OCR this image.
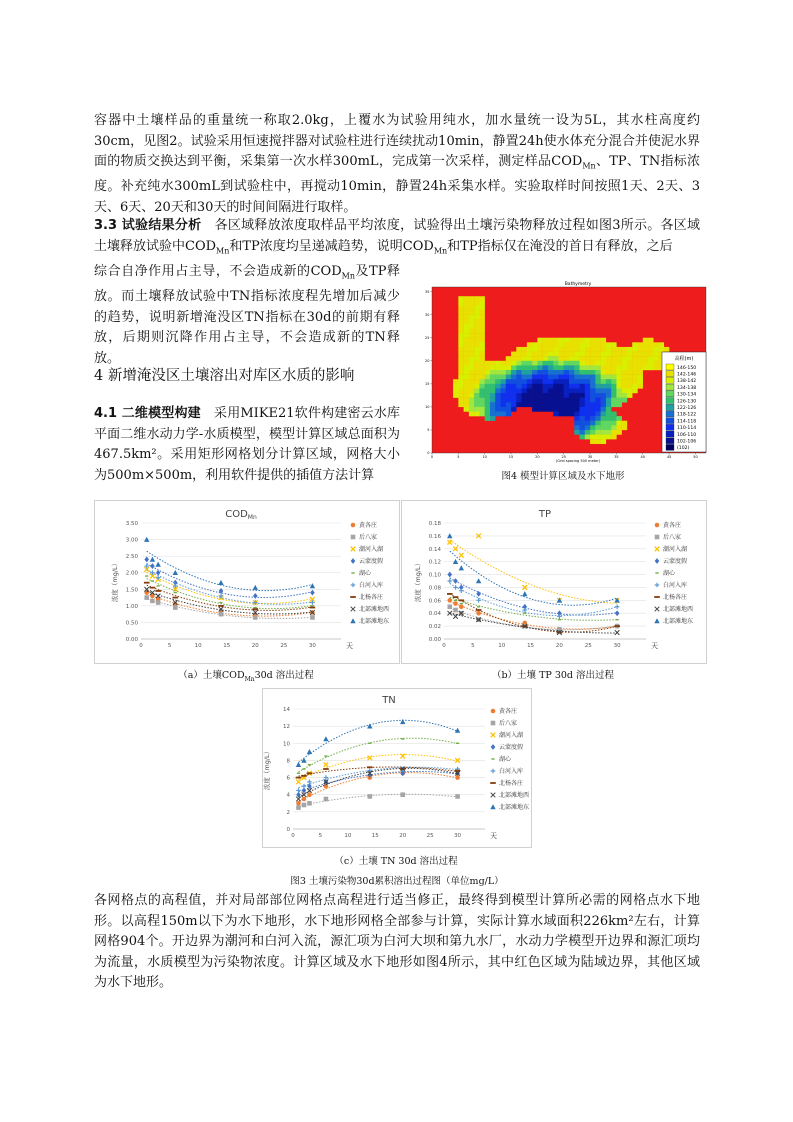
容器中土壤样品的重量统一称取2.0kg，上覆水为试验用纯水，加水量统一设为5L，其水柱高度约30cm，见图2。试验采用恒速搅拌器对试验柱进行连续扰动10min，静置24h使水体充分混合并使泥水界面的物质交换达到平衡，采集第一次水样300mL，完成第一次采样，测定样品$COD_{Mn}$、TP、TN指标浓度。补充纯水300mL到试验柱中，再搅动10min，静置24h采集水样。实验取样时间按照1天、2天、3天、6天、20天和30天的时间间隔进行取样。

3.3 试验结果分析　各区域释放浓度取样品平均浓度，试验得出土壤污染物释放过程如图3所示。各区域土壤释放试验中$COD_{Mn}$和TP浓度均呈递减趋势，说明$COD_{Mn}$和TP指标仅在淹没的首日有释放，之后

综合自净作用占主导，不会造成新的$COD_{Mn}$及TP释放。而土壤释放试验中TN指标浓度程先增加后减少的趋势，说明新增淹没区TN指标在30d的前期有释放，后期则沉降作用占主导，不会造成新的TN释放。

4 新增淹没区土壤溶出对库区水质的影响

4.1 二维模型构建　采用MIKE21软件构建密云水库平面二维水动力学-水质模型，模型计算区域总面积为467.5km²。采用矩形网格划分计算区域，网格大小为500m×500m，利用软件提供的插值方法计算

Bathymetry
0	5	10	15	20	25	30	35	40	45	50
0
5
10
15
20
25
30
35
(Grid spacing 500 meter)
高程(m)
146-150
142-146
138-142
134-138
130-134
126-130
122-126
118-122
114-118
110-114
106-110
102-106
(102)

图4 模型计算区域及水下地形

$COD_{Mn}$
0.00
0.50
1.00
1.50
2.00
2.50
3.00
3.50
0	5	10	15	20	25	30	天
浓度（mg/L）
黄各庄
后八家
潮河入湖
云蒙度假
湖心
白河入库
北杨各庄
北部滩地西
北部滩地东

（a）土壤$COD_{Mn}30d$ 溶出过程

TP
0.00
0.02
0.04
0.06
0.08
0.10
0.12
0.14
0.16
0.18
0	5	10	15	20	25	30	天
浓度（mg/L）
黄各庄
后八家
潮河入湖
云蒙度假
湖心
白河入库
北杨各庄
北部滩地西
北部滩地东

（b）土壤 TP 30d 溶出过程

TN
0
2
4
6
8
10
12
14
0	5	10	15	20	25	30	天
浓度（mg/L）
黄各庄
后八家
潮河入湖
云蒙度假
湖心
白河入库
北杨各庄
北部滩地西
北部滩地东

（c）土壤 TN 30d 溶出过程

图3 土壤污染物30d累积溶出过程图（单位mg/L）

各网格点的高程值，并对局部部位网格点高程进行适当修正，最终得到模型计算所必需的网格点水下地形。以高程150m以下为水下地形，水下地形网格全部参与计算，实际计算水域面积226km²左右，计算网格904个。开边界为潮河和白河入流，源汇项为白河大坝和第九水厂，水动力学模型开边界和源汇项均为流量，水质模型为污染物浓度。计算区域及水下地形如图4所示，其中红色区域为陆域边界，其他区域为水下地形。
